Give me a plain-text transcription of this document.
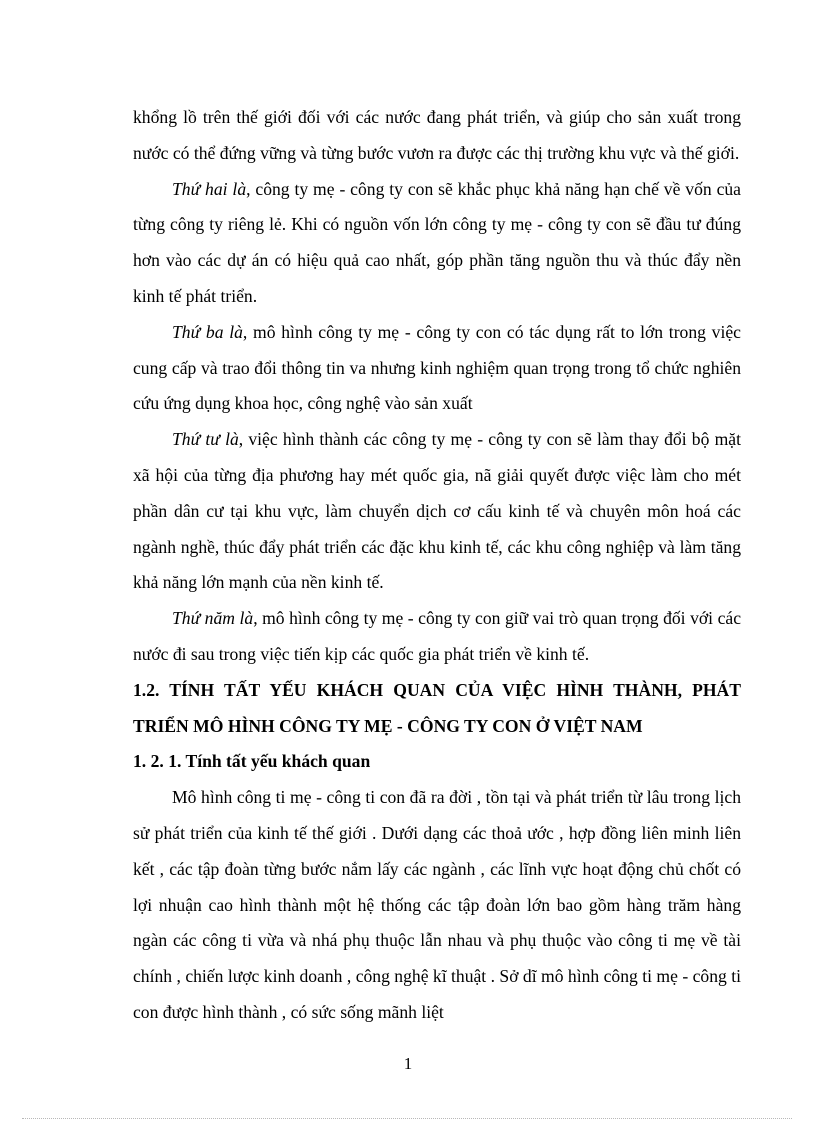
khổng lồ trên thế giới đối với các nước đang phát triển, và giúp cho sản xuất trong nước có thể đứng vững và từng bước vươn ra được các thị trường khu vực và thế giới.

Thứ hai là, công ty mẹ - công ty con sẽ khắc phục khả năng hạn chế về vốn của từng công ty riêng lẻ. Khi có nguồn vốn lớn công ty mẹ - công ty con sẽ đầu tư đúng hơn vào các dự án có hiệu quả cao nhất, góp phần tăng nguồn thu và thúc đẩy nền kinh tế phát triển.

Thứ ba là, mô hình công ty mẹ - công ty con có tác dụng rất to lớn trong việc cung cấp và trao đổi thông tin va nhưng kinh nghiệm quan trọng trong tổ chức nghiên cứu ứng dụng khoa học, công nghệ vào sản xuất

Thứ tư là, việc hình thành các công ty mẹ - công ty con sẽ làm thay đổi bộ mặt xã hội của từng địa phương hay mét quốc gia, nã giải quyết được việc làm cho mét phần dân cư tại khu vực, làm chuyển dịch cơ cấu kinh tế và chuyên môn hoá các ngành nghề, thúc đẩy phát triển các đặc khu kinh tế, các khu công nghiệp và làm tăng khả năng lớn mạnh của nền kinh tế.

Thứ năm là, mô hình công ty mẹ - công ty con giữ vai trò quan trọng đối với các nước đi sau trong việc tiến kịp các quốc gia phát triển về kinh tế.

1.2. TÍNH TẤT YẾU KHÁCH QUAN CỦA VIỆC HÌNH THÀNH, PHÁT TRIỂN MÔ HÌNH CÔNG TY MẸ - CÔNG TY CON Ở VIỆT NAM
1. 2. 1. Tính tất yếu khách quan

Mô hình công ti mẹ - công ti con đã ra đời , tồn tại và phát triển từ lâu trong lịch sử phát triển của kinh tế thế giới . Dưới dạng các thoả ước , hợp đồng liên minh liên kết , các tập đoàn từng bước nắm lấy các ngành , các lĩnh vực hoạt động chủ chốt có lợi nhuận cao hình thành một hệ thống các tập đoàn lớn bao gồm hàng trăm hàng ngàn các công ti vừa và nhá phụ thuộc lẫn nhau và phụ thuộc vào công ti mẹ về tài chính , chiến lược kinh doanh , công nghệ kĩ thuật . Sở dĩ mô hình công ti mẹ - công ti con được hình thành , có sức sống mãnh liệt

1
